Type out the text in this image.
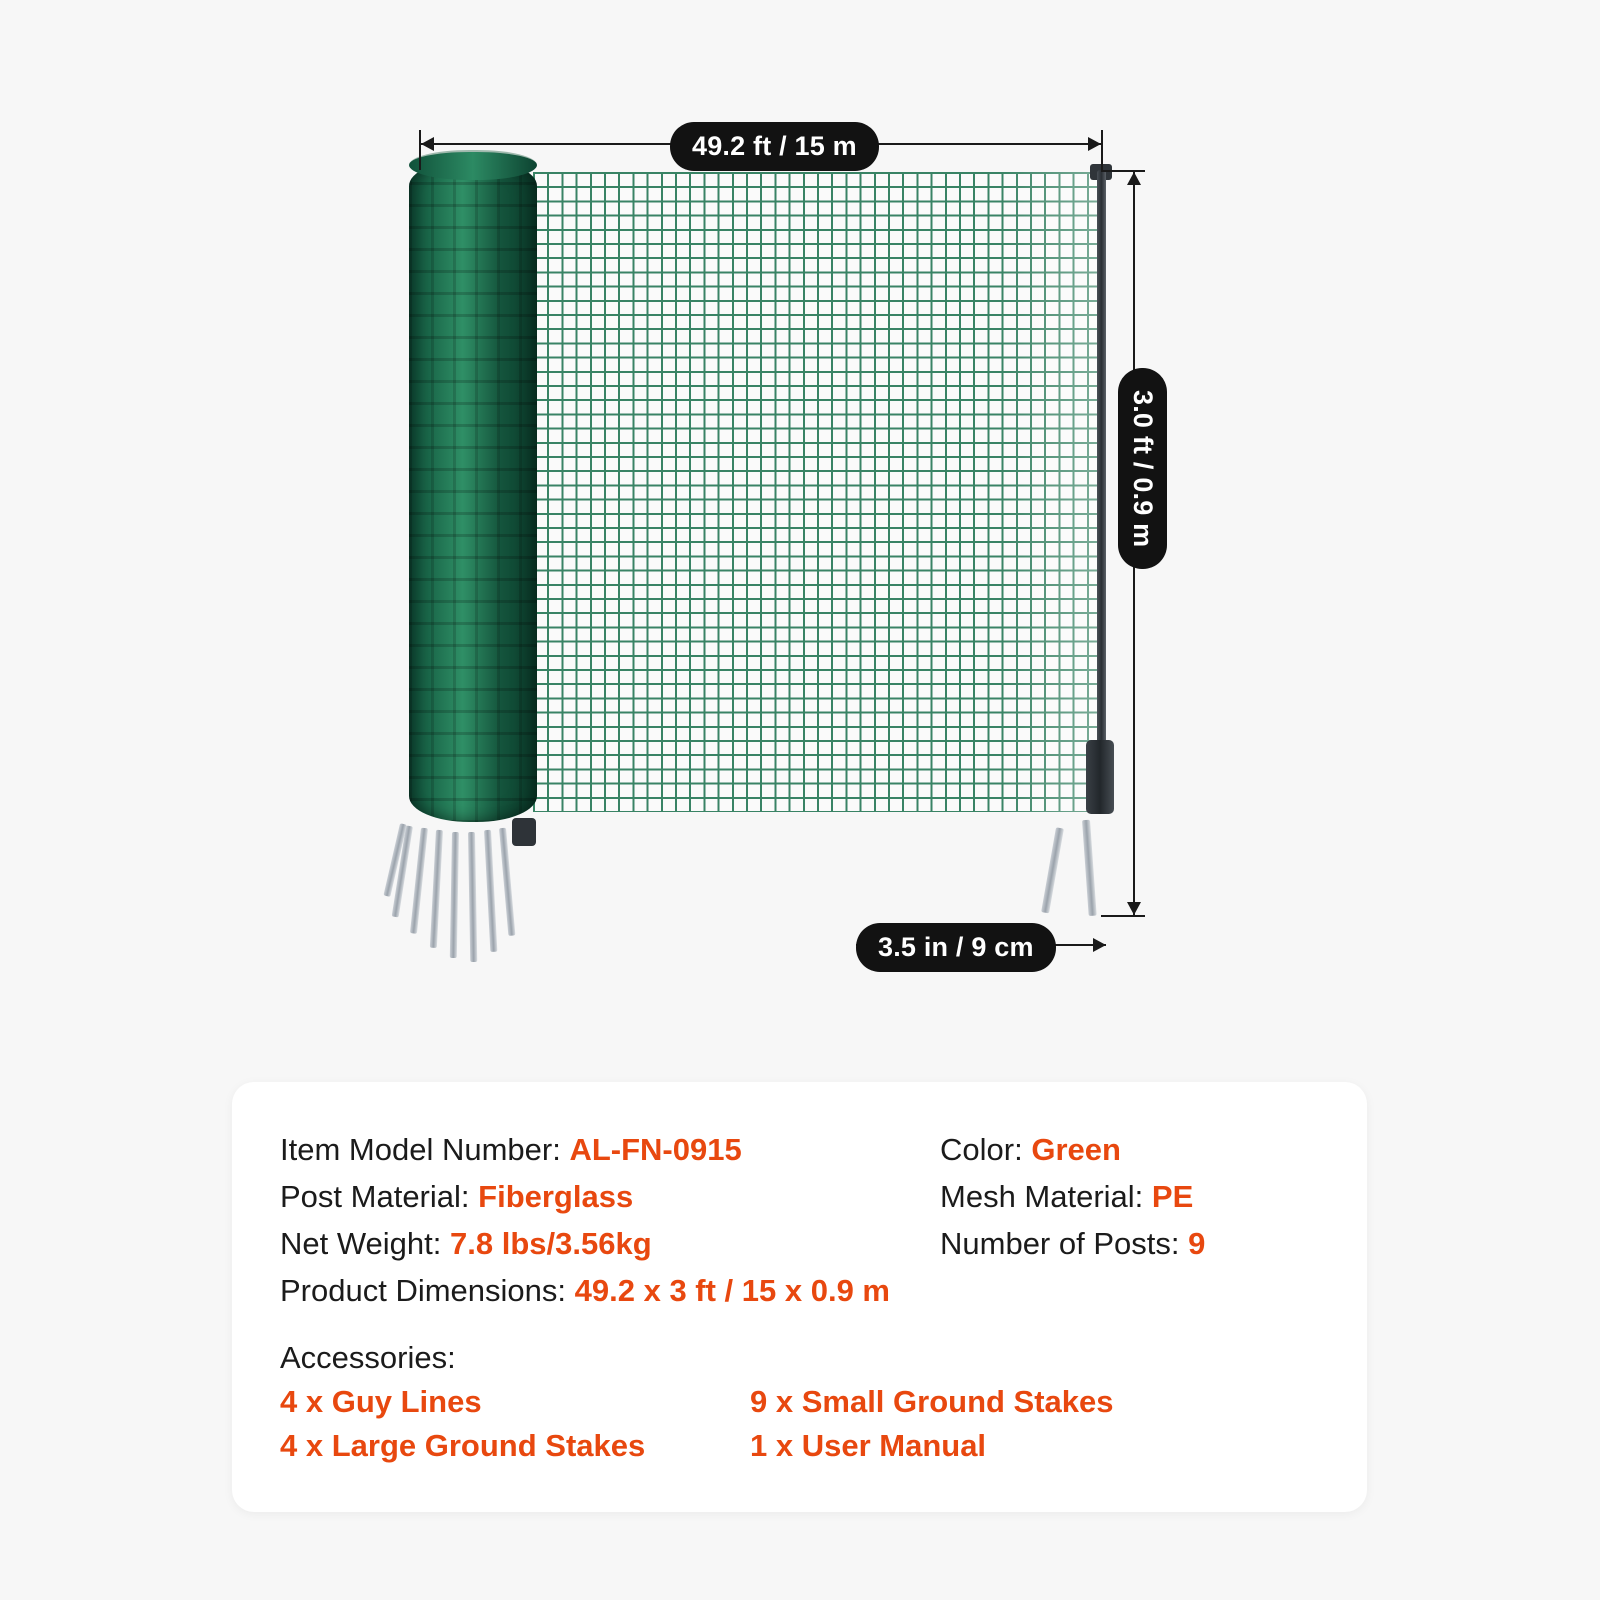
49.2 ft / 15 m
3.0 ft / 0.9 m
3.5 in / 9 cm
Item Model Number: AL-FN-0915
Post Material: Fiberglass
Net Weight: 7.8 lbs/3.56kg
Product Dimensions: 49.2 x 3 ft / 15 x 0.9 m
Color: Green
Mesh Material: PE
Number of Posts: 9
Accessories:
4 x Guy Lines	9 x Small Ground Stakes
4 x Large Ground Stakes	1 x User Manual
